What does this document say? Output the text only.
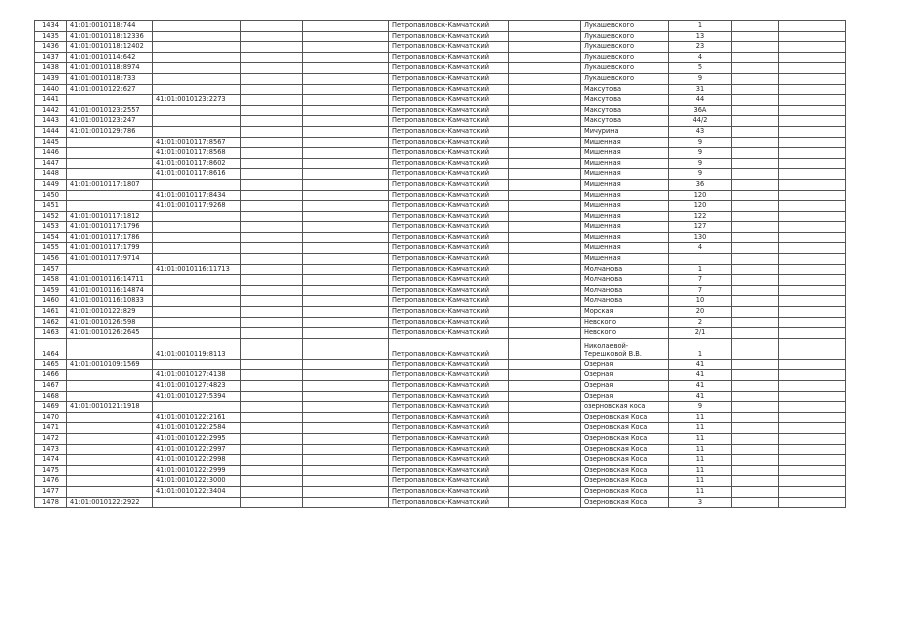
1434	41:01:0010118:744				Петропавловск-Камчатский		Лукашевского	1		
1435	41:01:0010118:12336				Петропавловск-Камчатский		Лукашевского	13		
1436	41:01:0010118:12402				Петропавловск-Камчатский		Лукашевского	23		
1437	41:01:0010114:642				Петропавловск-Камчатский		Лукашевского	4		
1438	41:01:0010118:8974				Петропавловск-Камчатский		Лукашевского	5		
1439	41:01:0010118:733				Петропавловск-Камчатский		Лукашевского	9		
1440	41:01:0010122:627				Петропавловск-Камчатский		Максутова	31		
1441		41:01:0010123:2273			Петропавловск-Камчатский		Максутова	44		
1442	41:01:0010123:2557				Петропавловск-Камчатский		Максутова	36А		
1443	41:01:0010123:247				Петропавловск-Камчатский		Максутова	44/2		
1444	41:01:0010129:786				Петропавловск-Камчатский		Мичурина	43		
1445		41:01:0010117:8567			Петропавловск-Камчатский		Мишенная	9		
1446		41:01:0010117:8568			Петропавловск-Камчатский		Мишенная	9		
1447		41:01:0010117:8602			Петропавловск-Камчатский		Мишенная	9		
1448		41:01:0010117:8616			Петропавловск-Камчатский		Мишенная	9		
1449	41:01:0010117:1807				Петропавловск-Камчатский		Мишенная	36		
1450		41:01:0010117:8434			Петропавловск-Камчатский		Мишенная	120		
1451		41:01:0010117:9268			Петропавловск-Камчатский		Мишенная	120		
1452	41:01:0010117:1812				Петропавловск-Камчатский		Мишенная	122		
1453	41:01:0010117:1796				Петропавловск-Камчатский		Мишенная	127		
1454	41:01:0010117:1786				Петропавловск-Камчатский		Мишенная	130		
1455	41:01:0010117:1799				Петропавловск-Камчатский		Мишенная	4		
1456	41:01:0010117:9714				Петропавловск-Камчатский		Мишенная			
1457		41:01:0010116:11713			Петропавловск-Камчатский		Молчанова	1		
1458	41:01:0010116:14711				Петропавловск-Камчатский		Молчанова	7		
1459	41:01:0010116:14874				Петропавловск-Камчатский		Молчанова	7		
1460	41:01:0010116:10833				Петропавловск-Камчатский		Молчанова	10		
1461	41:01:0010122:829				Петропавловск-Камчатский		Морская	20		
1462	41:01:0010126:598				Петропавловск-Камчатский		Невского	2		
1463	41:01:0010126:2645				Петропавловск-Камчатский		Невского	2/1		
1464		41:01:0010119:8113			Петропавловск-Камчатский		Николаевой-Терешковой В.В.	1		
1465	41:01:0010109:1569				Петропавловск-Камчатский		Озерная	41		
1466		41:01:0010127:4138			Петропавловск-Камчатский		Озерная	41		
1467		41:01:0010127:4823			Петропавловск-Камчатский		Озерная	41		
1468		41:01:0010127:5394			Петропавловск-Камчатский		Озерная	41		
1469	41:01:0010121:1918				Петропавловск-Камчатский		озерновская коса	9		
1470		41:01:0010122:2161			Петропавловск-Камчатский		Озерновская Коса	11		
1471		41:01:0010122:2584			Петропавловск-Камчатский		Озерновская Коса	11		
1472		41:01:0010122:2995			Петропавловск-Камчатский		Озерновская Коса	11		
1473		41:01:0010122:2997			Петропавловск-Камчатский		Озерновская Коса	11		
1474		41:01:0010122:2998			Петропавловск-Камчатский		Озерновская Коса	11		
1475		41:01:0010122:2999			Петропавловск-Камчатский		Озерновская Коса	11		
1476		41:01:0010122:3000			Петропавловск-Камчатский		Озерновская Коса	11		
1477		41:01:0010122:3404			Петропавловск-Камчатский		Озерновская Коса	11		
1478	41:01:0010122:2922				Петропавловск-Камчатский		Озерновская Коса	3		
